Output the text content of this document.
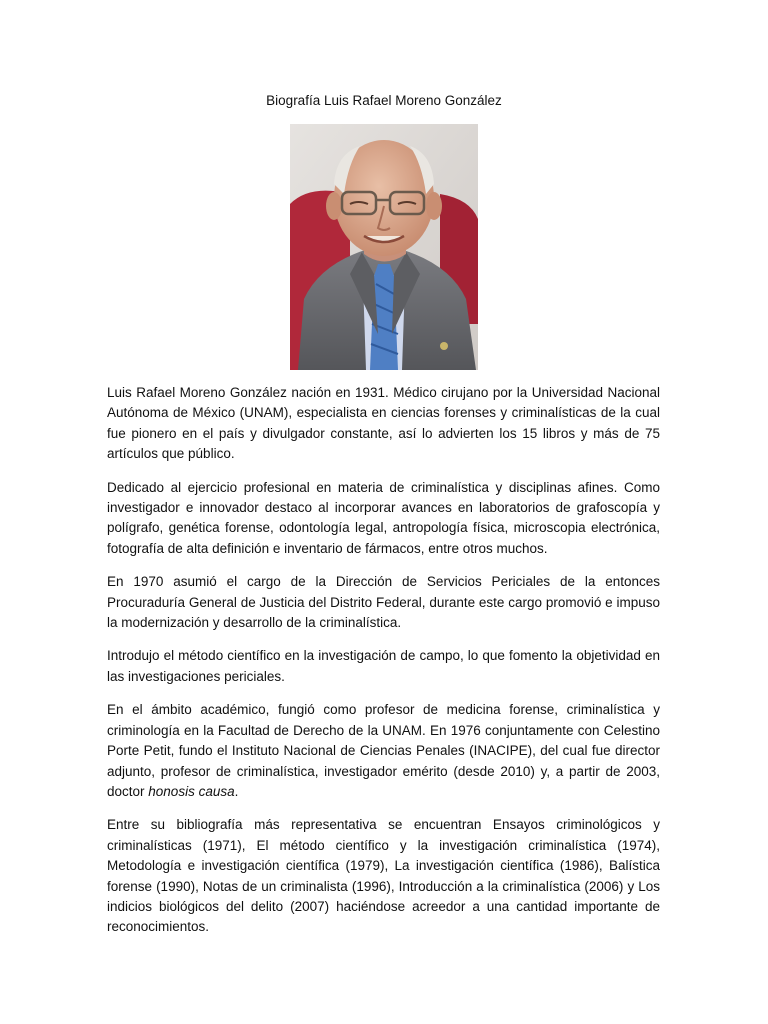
Biografía Luis Rafael Moreno González

Luis Rafael Moreno González nación en 1931. Médico cirujano por la Universidad Nacional Autónoma de México (UNAM), especialista en ciencias forenses y criminalísticas de la cual fue pionero en el país y divulgador constante, así lo advierten los 15 libros y más de 75 artículos que público.

Dedicado al ejercicio profesional en materia de criminalística y disciplinas afines. Como investigador e innovador destaco al incorporar avances en laboratorios de grafoscopía y polígrafo, genética forense, odontología legal, antropología física, microscopia electrónica, fotografía de alta definición e inventario de fármacos, entre otros muchos.

En 1970 asumió el cargo de la Dirección de Servicios Periciales de la entonces Procuraduría General de Justicia del Distrito Federal, durante este cargo promovió e impuso la modernización y desarrollo de la criminalística.

Introdujo el método científico en la investigación de campo, lo que fomento la objetividad en las investigaciones periciales.

En el ámbito académico, fungió como profesor de medicina forense, criminalística y criminología en la Facultad de Derecho de la UNAM. En 1976 conjuntamente con Celestino Porte Petit, fundo el Instituto Nacional de Ciencias Penales (INACIPE), del cual fue director adjunto, profesor de criminalística, investigador emérito (desde 2010) y, a partir de 2003, doctor honosis causa.

Entre su bibliografía más representativa se encuentran Ensayos criminológicos y criminalísticas (1971), El método científico y la investigación criminalística (1974), Metodología e investigación científica (1979), La investigación científica (1986), Balística forense (1990), Notas de un criminalista (1996), Introducción a la criminalística (2006) y Los indicios biológicos del delito (2007) haciéndose acreedor a una cantidad importante de reconocimientos.
